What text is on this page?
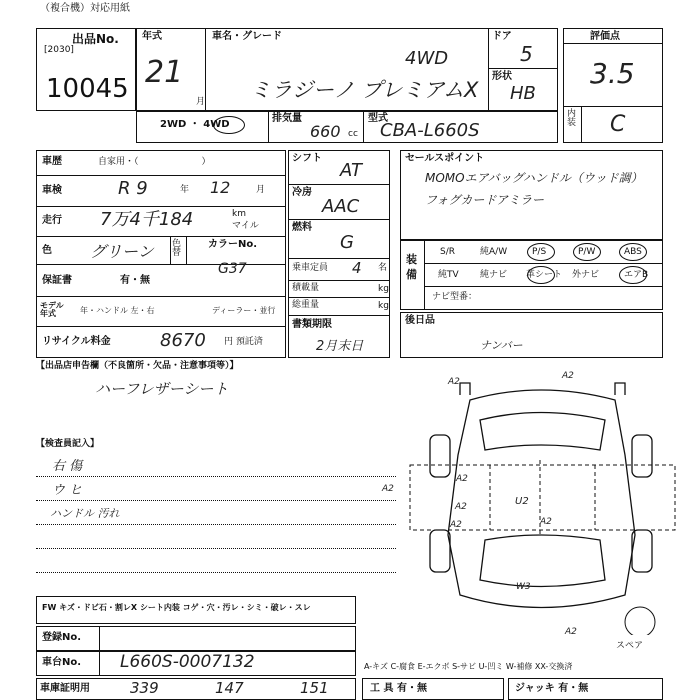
（複合機）対応用紙
出品No.
[2030]
10045
年式
21
月
車名・グレード
4WD
ミラジーノ プレミアムX
ドア
5
形状
HB
評価点
3.5
内装 C
2WD ・ 4WD
排気量
660 cc
型式
CBA-L660S
車歴	自家用・（　　　　　　　）
車検	R 9	年 12	月
走行 7万4千184	km
マイル
色 グリーン 色替
カラーNo.
G37
保証書	有・無
モデル年式	年・ハンドル 左・右	ディーラー・並行
リサイクル料金	8670 円 預託済
シフト
AT
冷房
AAC
燃料
G
乗車定員 4 名
積載量	kg
総重量	kg
書類期限
2月末日
セールスポイント
MOMOエアバッグハンドル（ウッド調）
フォグカードアミラー
装備
S/R	純A/W	P/S	P/W	ABS
純TV 純ナビ 革シート 外ナビ	エアB
ナビ型番：
後日品
ナンバー
【出品店申告欄（不良箇所・欠品・注意事項等）】
ハーフレザーシート
【検査員記入】
右 傷
ウ ヒ
ハンドル 汚れ
A2
A2
A2
A2
A2
A2	A2
A2
W3
U2
スペア
FW キズ・ドビ石・割レX シート内装 コゲ・穴・汚レ・シミ・破レ・スレ
登録No.
車台No. L660S-0007132	A-キズ C-腐食 E-エクボ S-サビ U-凹ミ W-補修 XX-交換済
車庫証明用	339	147	151	工 具 有・無	ジャッキ 有・無
